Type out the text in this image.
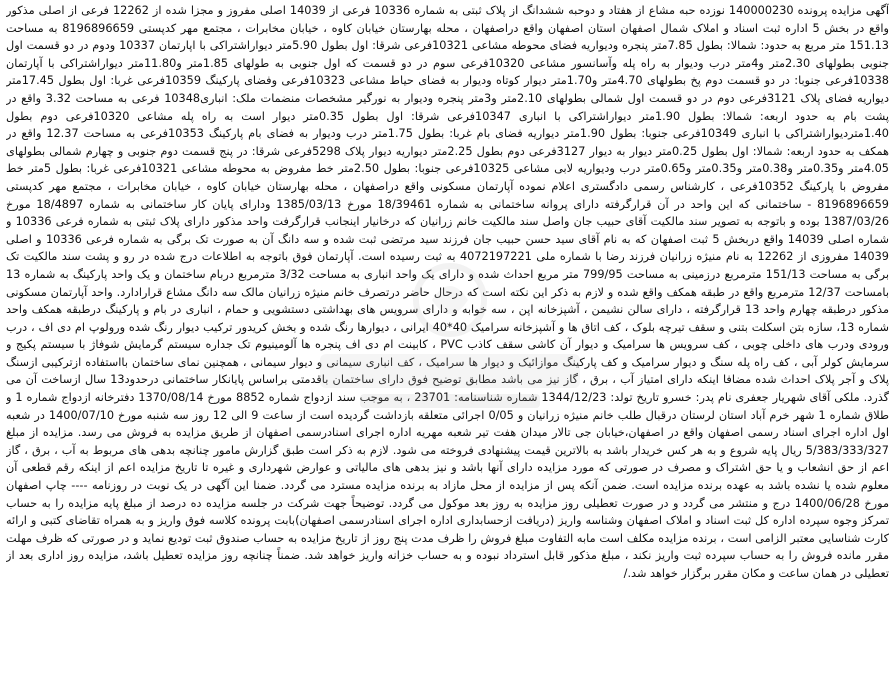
آگهی مزایده پرونده 140000230 نوزده حبه مشاع از هفتاد و دوحبه ششدانگ از پلاک ثبتی به شماره 10336 فرعی از 14039 اصلی مفروز و مجزا شده از 12262 فرعی از اصلی مذکور واقع در بخش 5 اداره ثبت اسناد و املاک شمال اصفهان استان اصفهان واقع دراصفهان ، محله بهارستان خیابان کاوه ، خیابان مخابرات ، مجتمع مهر کدپستی 8196896659 به مساحت 151.13 متر مربع به حدود: شمالا: بطول 7.85متر پنجره ودیواریه فضای محوطه مشاعی 10321فرعی شرقا: اول بطول 5.90متر دیواراشتراکی با اپارتمان 10337 ودوم در دو قسمت اول جنوبی بطولهای 2.30متر و4متر درب ودیوار به راه پله وآسانسور مشاعی 10320فرعی سوم در دو قسمت که اول جنوبی به طولهای 1.85متر و11.80متر دیواراشتراکی با آپارتمان 10338فرعی جنوبا: در دو قسمت دوم پخ بطولهای 4.70متر و1.70متر دیوار کوتاه ودیوار به فضای حیاط مشاعی 10323فرعی وفضای پارکینگ 10359فرعی غربا: اول بطول 17.45متر دیواریه فضای پلاک 3121فرعی دوم در دو قسمت اول شمالی بطولهای 2.10متر و3متر پنجره ودیوار به نورگیر مشخصات منضمات ملک: انباری10348 فرعی به مساحت 3.32 واقع در پشت بام به حدود اربعه: شمالا: بطول 1.90متر دیواراشتراکی با انباری 10347فرعی شرقا: اول بطول 0.35متر دیوار است به راه پله مشاعی 10320فرعی دوم بطول 1.40متردیواراشتراکی با انباری 10349فرعی جنوبا: بطول 1.90متر دیواریه فضای بام غربا: بطول 1.75متر درب ودیوار به فضای بام پارکینگ 10353فرعی به مساحت 12.37 واقع در همکف به حدود اربعه: شمالا: اول بطول 0.25متر دیوار به دیوار 3127فرعی دوم بطول 2.25متر دیواریه دیوار پلاک 5298فرعی شرقا: در پنج قسمت دوم جنوبی و چهارم شمالی بطولهای 4.05متر و0.35متر و0.38متر و0.35متر و0.65متر درب ودیواریه لابی مشاعی 10325فرعی جنوبا: بطول 2.50متر خط مفروض به محوطه مشاعی 10321فرعی غربا: بطول 5متر خط مفروض با پارکینگ 10352فرعی ، کارشناس رسمی دادگستری اعلام نموده آپارتمان مسکونی واقع دراصفهان ، محله بهارستان خیابان کاوه ، خیابان مخابرات ، مجتمع مهر کدپستی 8196896659 - ساختمانی که این واحد در آن قرارگرفته دارای پروانه ساختمانی به شماره 18/39461 مورخ 1385/03/13 ودارای پایان کار ساختمانی به شماره 18/4897 مورخ 1387/03/26 بوده و باتوجه به تصویر سند مالکیت آقای حبیب جان واصل سند مالکیت خانم زرانیان که درخانیار اینجانب قرارگرفت واحد مذکور دارای پلاک ثبتی به شماره فرعی 10336 و شماره اصلی 14039 واقع دربخش 5 ثبت اصفهان که به نام آقای سید حسن حبیب جان فرزند سید مرتضی ثبت شده و سه دانگ آن به صورت تک برگی به شماره فرعی 10336 و اصلی 14039 مفروزی از 12262 به نام منیژه زرانیان فرزند رضا با شماره ملی 4072197221 به ثبت رسیده است. آپارتمان فوق باتوجه به اطلاعات درج شده در رو و پشت سند مالکیت تک برگی به مساحت 151/13 مترمربع درزمینی به مساحت 799/95 متر مربع احداث شده و دارای یک واحد انباری به مساحت 3/32 مترمربع دربام ساختمان و یک واحد پارکینگ به شماره 13 بامساحت 12/37 مترمربع واقع در طبقه همکف واقع شده و لازم به ذکر این نکته است که درحال حاضر درتصرف خانم منیژه زرانیان مالک سه دانگ مشاع قرارادارد. واحد آپارتمان مسکونی مذکور درطبقه چهارم واحد 13 قرارگرفته ، دارای سالن نشیمن ، آشپزخانه اپن ، سه خوابه و دارای سرویس های بهداشتی دستشویی و حمام ، انباری در بام و پارکینگ درطبقه همکف واحد شماره 13، سازه بتن اسکلت بتنی و سقف تیرچه بلوک ، کف اتاق ها و آشپزخانه سرامیک 40*40 ایرانی ، دیوارها رنگ شده و بخش کریدور ترکیب دیوار رنگ شده ورولوپ ام دی اف ، درب ورودی ودرب های داخلی چوبی ، کف سرویس ها سرامیک و دیوار آن کاشی سقف کاذب PVC ، کابینت ام دی اف پنجره ها آلومینیوم تک جداره سیستم گرمایش شوفاژ با سیستم پکیج و سرمایش کولر آبی ، کف راه پله سنگ و دیوار سرامیک و کف پارکینگ موازائیک و دیوار ها سرامیک ، کف انباری سیمانی و دیوار سیمانی ، همچنین نمای ساختمان بااستفاده ازترکیبی ازسنگ پلاک و آجر پلاک احداث شده مضافا اینکه دارای امتیاز آب ، برق ، گاز نیز می باشد مطابق توضیح فوق دارای ساختمان باقدمتی براساس پایانکار ساختمانی درحدود13 سال ازساخت آن می گذرد. ملکی آقای شهریار جعفری نام پدر: خسرو تاریخ تولد: 1344/12/23 شماره شناسنامه: 23701 ، به موجب سند ازدواج شماره 8852 مورخ 1370/08/14 دفترخانه ازدواج شماره 1 و طلاق شماره 1 شهر خرم آباد استان لرستان درقبال طلب خانم منیژه زرانیان و 0/05 اجرائی متعلقه بازداشت گردیده است از ساعت 9 الی 12 روز سه شنبه مورخ 1400/07/10 در شعبه اول اداره اجرای اسناد رسمی اصفهان واقع در اصفهان،خیابان جی تالار میدان هفت تیر شعبه مهریه اداره اجرای اسنادرسمی اصفهان از طریق مزایده به فروش می رسد. مزایده از مبلغ 5/383/333/327 ریال پایه شروع و به هر کس خریدار باشد به بالاترین قیمت پیشنهادی فروخته می شود. لازم به ذکر است طبق گزارش مامور چنانچه بدهی های مربوط به آب ، برق ، گاز اعم از حق انشعاب و یا حق اشتراک و مصرف در صورتی که مورد مزایده دارای آنها باشد و نیز بدهی های مالیاتی و عوارض شهرداری و غیره تا تاریخ مزایده اعم از اینکه رقم قطعی آن معلوم شده یا نشده باشد به عهده برنده مزایده است. ضمن آنکه پس از مزایده از محل مازاد به برنده مزایده مسترد می گردد. ضمنا این آگهی در یک نوبت در روزنامه ---- چاپ اصفهان مورخ 1400/06/28 درج و منتشر می گردد و در صورت تعطیلی روز مزایده به روز بعد موکول می گردد. توضیحاً جهت شرکت در جلسه مزایده ده درصد از مبلغ پایه مزایده را به حساب تمرکز وجوه سپرده اداره کل ثبت اسناد و املاک اصفهان وشناسه واریز (دریافت ازحسابداری اداره اجرای اسنادرسمی اصفهان)بابت پرونده کلاسه فوق واریز و به همراه تقاضای کتبی و ارائه کارت شناسایی معتبر الزامی است ، برنده مزایده مکلف است مابه التفاوت مبلغ فروش را ظرف مدت پنج روز از تاریخ مزایده به حساب صندوق ثبت تودیع نماید و در صورتی که ظرف مهلت مقرر مانده فروش را به حساب سپرده ثبت واریز نکند ، مبلغ مذکور قابل استرداد نبوده و به حساب خزانه واریز خواهد شد. ضمناً چنانچه روز مزایده تعطیل باشد، مزایده روز اداری بعد از تعطیلی در همان ساعت و مکان مقرر برگزار خواهد شد./
